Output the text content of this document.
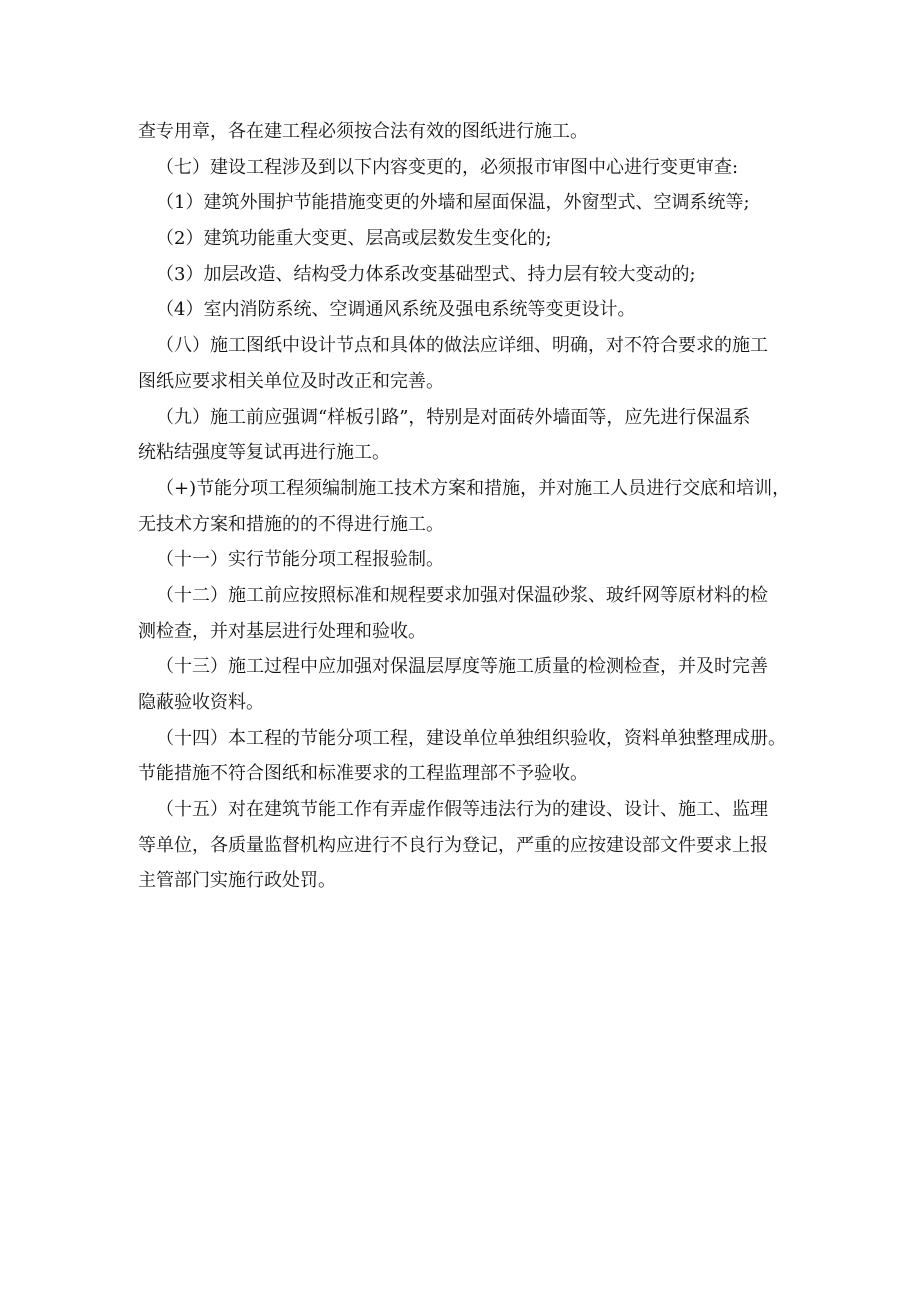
查专用章，各在建工程必须按合法有效的图纸进行施工。
（七）建设工程涉及到以下内容变更的，必须报市审图中心进行变更审查:
（1）建筑外围护节能措施变更的外墙和屋面保温，外窗型式、空调系统等;
（2）建筑功能重大变更、层高或层数发生变化的;
（3）加层改造、结构受力体系改变基础型式、持力层有较大变动的;
（4）室内消防系统、空调通风系统及强电系统等变更设计。
（八）施工图纸中设计节点和具体的做法应详细、明确，对不符合要求的施工
图纸应要求相关单位及时改正和完善。
（九）施工前应强调“样板引路”，特别是对面砖外墙面等，应先进行保温系
统粘结强度等复试再进行施工。
（+)节能分项工程须编制施工技术方案和措施，并对施工人员进行交底和培训，
无技术方案和措施的的不得进行施工。
（十一）实行节能分项工程报验制。
（十二）施工前应按照标准和规程要求加强对保温砂浆、玻纤网等原材料的检
测检查，并对基层进行处理和验收。
（十三）施工过程中应加强对保温层厚度等施工质量的检测检查，并及时完善
隐蔽验收资料。
（十四）本工程的节能分项工程，建设单位单独组织验收，资料单独整理成册。
节能措施不符合图纸和标准要求的工程监理部不予验收。
（十五）对在建筑节能工作有弄虚作假等违法行为的建设、设计、施工、监理
等单位，各质量监督机构应进行不良行为登记，严重的应按建设部文件要求上报
主管部门实施行政处罚。
